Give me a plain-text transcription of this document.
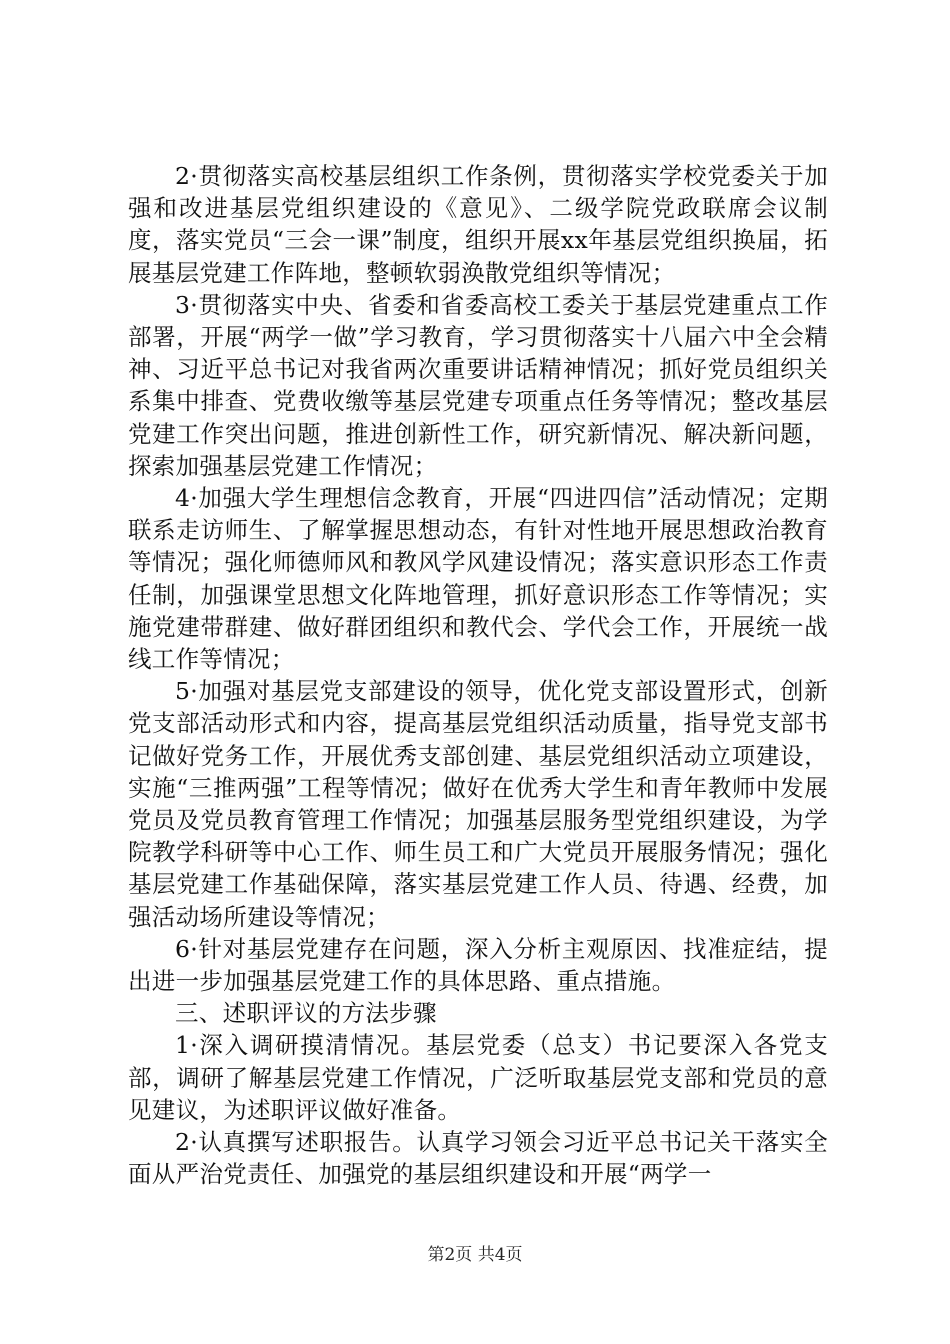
2·贯彻落实高校基层组织工作条例，贯彻落实学校党委关于加强和改进基层党组织建设的《意见》、二级学院党政联席会议制度，落实党员“三会一课”制度，组织开展xx年基层党组织换届，拓展基层党建工作阵地，整顿软弱涣散党组织等情况；

3·贯彻落实中央、省委和省委高校工委关于基层党建重点工作部署，开展“两学一做”学习教育，学习贯彻落实十八届六中全会精神、习近平总书记对我省两次重要讲话精神情况；抓好党员组织关系集中排查、党费收缴等基层党建专项重点任务等情况；整改基层党建工作突出问题，推进创新性工作，研究新情况、解决新问题，探索加强基层党建工作情况；

4·加强大学生理想信念教育，开展“四进四信”活动情况；定期联系走访师生、了解掌握思想动态，有针对性地开展思想政治教育等情况；强化师德师风和教风学风建设情况；落实意识形态工作责任制，加强课堂思想文化阵地管理，抓好意识形态工作等情况；实施党建带群建、做好群团组织和教代会、学代会工作，开展统一战线工作等情况；

5·加强对基层党支部建设的领导，优化党支部设置形式，创新党支部活动形式和内容，提高基层党组织活动质量，指导党支部书记做好党务工作，开展优秀支部创建、基层党组织活动立项建设，实施“三推两强”工程等情况；做好在优秀大学生和青年教师中发展党员及党员教育管理工作情况；加强基层服务型党组织建设，为学院教学科研等中心工作、师生员工和广大党员开展服务情况；强化基层党建工作基础保障，落实基层党建工作人员、待遇、经费，加强活动场所建设等情况；

6·针对基层党建存在问题，深入分析主观原因、找准症结，提出进一步加强基层党建工作的具体思路、重点措施。

三、述职评议的方法步骤

1·深入调研摸清情况。基层党委（总支）书记要深入各党支部，调研了解基层党建工作情况，广泛听取基层党支部和党员的意见建议，为述职评议做好准备。

2·认真撰写述职报告。认真学习领会习近平总书记关干落实全面从严治党责任、加强党的基层组织建设和开展“两学一

第2页 共4页
